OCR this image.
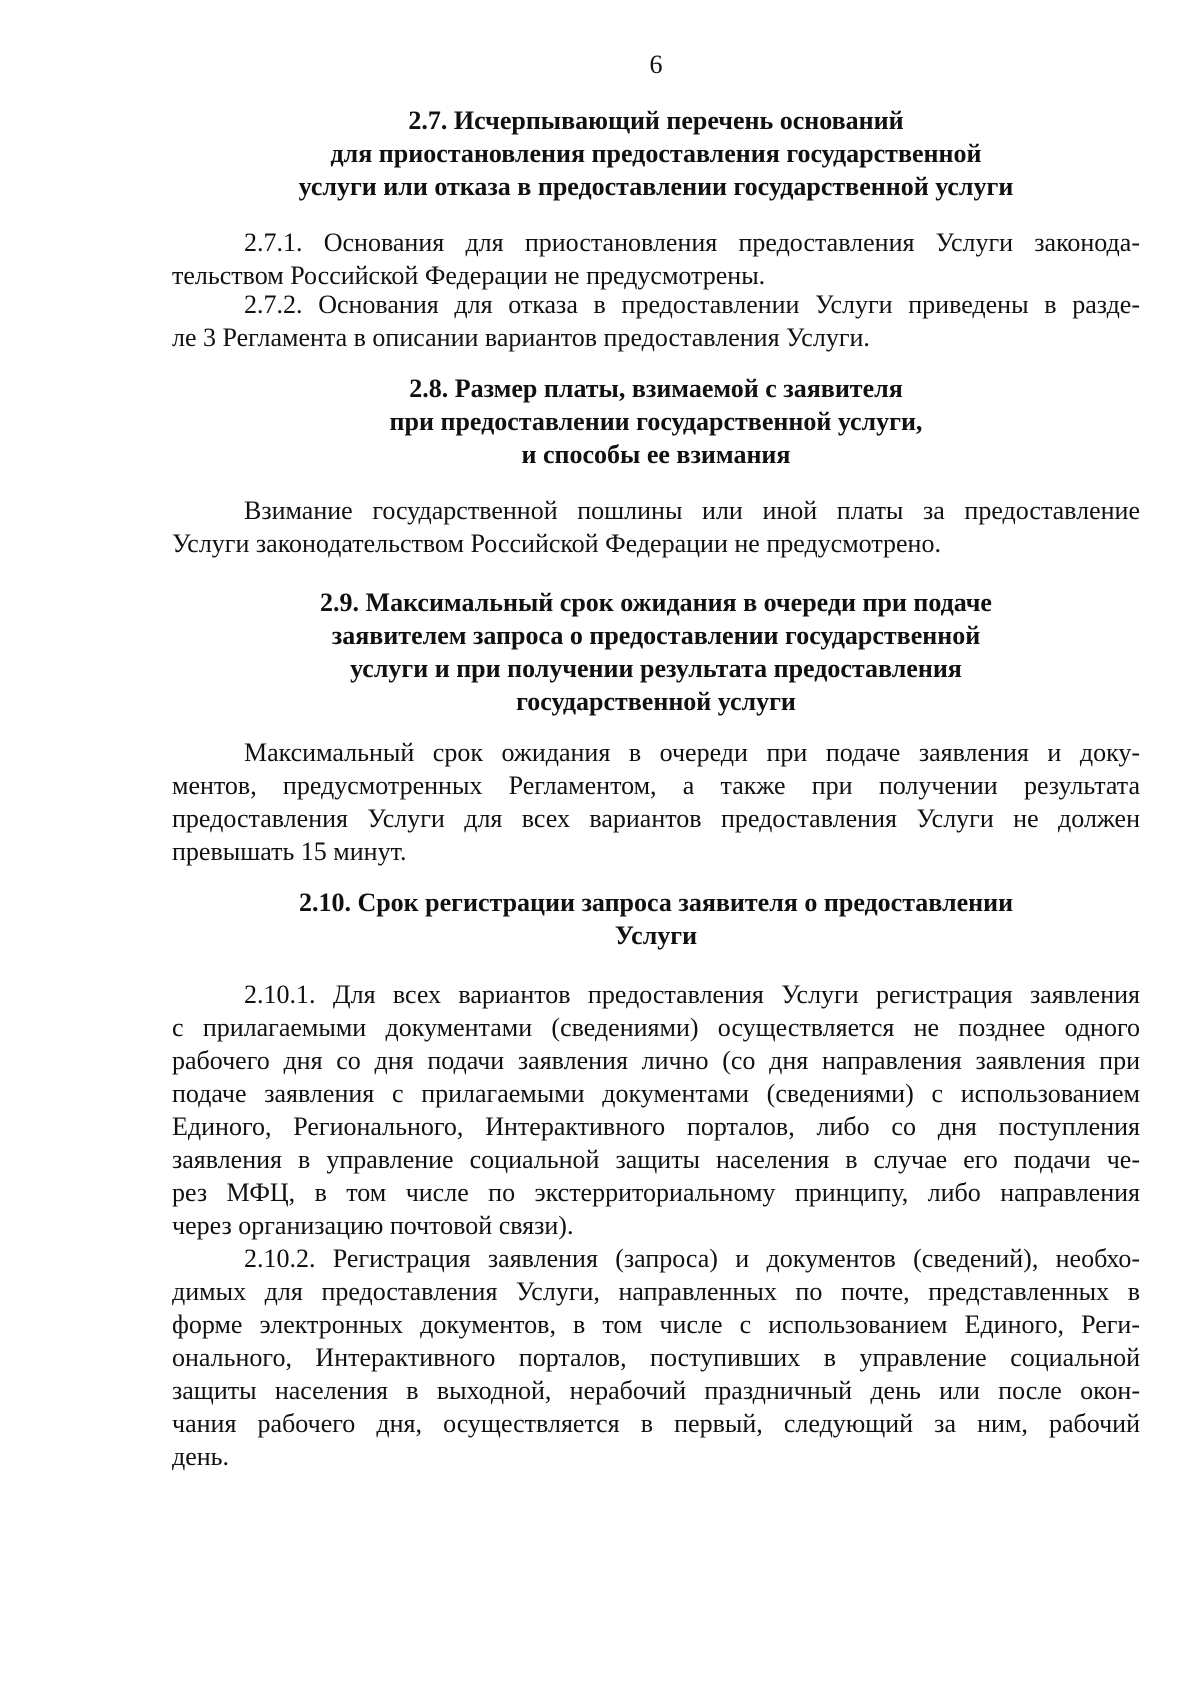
6
2.7. Исчерпывающий перечень оснований
для приостановления предоставления государственной
услуги или отказа в предоставлении государственной услуги
2.7.1. Основания для приостановления предоставления Услуги законода-
тельством Российской Федерации не предусмотрены.
2.7.2. Основания для отказа в предоставлении Услуги приведены в разде-
ле 3 Регламента в описании вариантов предоставления Услуги.
2.8. Размер платы, взимаемой с заявителя
при предоставлении государственной услуги,
и способы ее взимания
Взимание государственной пошлины или иной платы за предоставление
Услуги законодательством Российской Федерации не предусмотрено.
2.9. Максимальный срок ожидания в очереди при подаче
заявителем запроса о предоставлении государственной
услуги и при получении результата предоставления
государственной услуги
Максимальный срок ожидания в очереди при подаче заявления и доку-
ментов, предусмотренных Регламентом, а также при получении результата
предоставления Услуги для всех вариантов предоставления Услуги не должен
превышать 15 минут.
2.10. Срок регистрации запроса заявителя о предоставлении
Услуги
2.10.1. Для всех вариантов предоставления Услуги регистрация заявления
с прилагаемыми документами (сведениями) осуществляется не позднее одного
рабочего дня со дня подачи заявления лично (со дня направления заявления при
подаче заявления с прилагаемыми документами (сведениями) с использованием
Единого, Регионального, Интерактивного порталов, либо со дня поступления
заявления в управление социальной защиты населения в случае его подачи че-
рез МФЦ, в том числе по экстерриториальному принципу, либо направления
через организацию почтовой связи).
2.10.2. Регистрация заявления (запроса) и документов (сведений), необхо-
димых для предоставления Услуги, направленных по почте, представленных в
форме электронных документов, в том числе с использованием Единого, Реги-
онального, Интерактивного порталов, поступивших в управление социальной
защиты населения в выходной, нерабочий праздничный день или после окон-
чания рабочего дня, осуществляется в первый, следующий за ним, рабочий
день.
